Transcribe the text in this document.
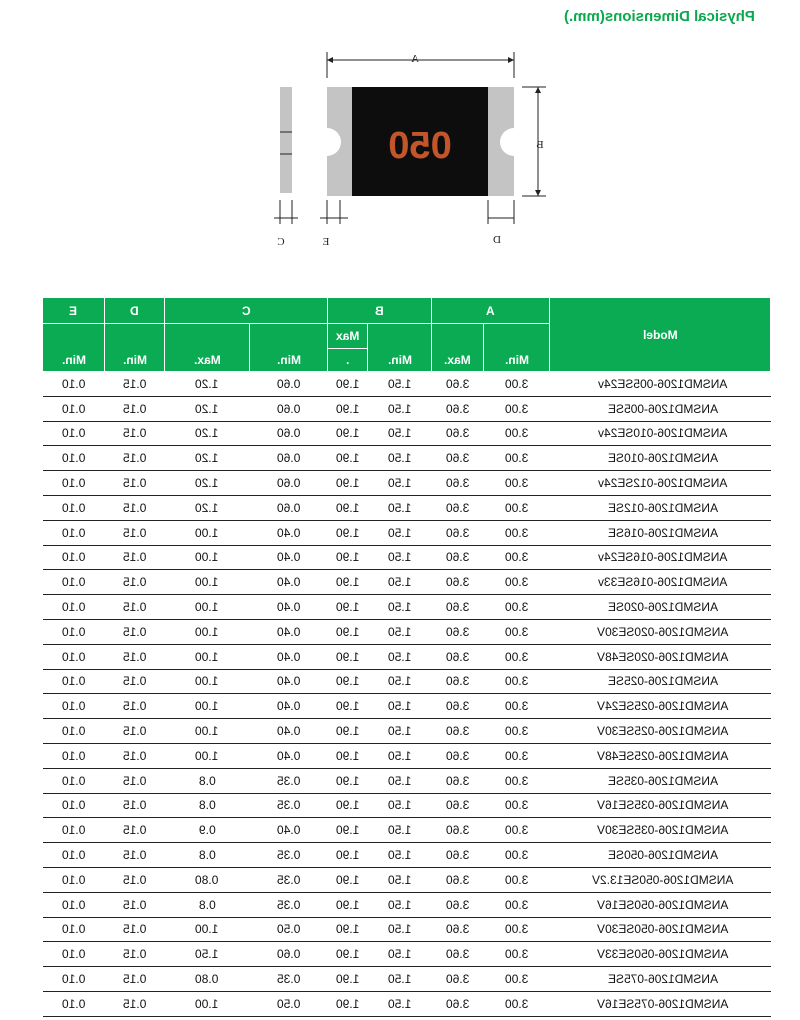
Physical Dimensions(mm.)
050
A
B
C	E	D
E	D	C		B		A		Model
Min.	Min.	Max.	Min.	Max	Min.	Max.	Min.	
				.				
0.10	0.15	1.20	0.60	1.90	1.50	3.60	3.00	ANSMD1206-005SE24v
0.10	0.15	1.20	0.60	1.90	1.50	3.60	3.00	ANSMD1206-005SE
0.10	0.15	1.20	0.60	1.90	1.50	3.60	3.00	ANSMD1206-010SE24v
0.10	0.15	1.20	0.60	1.90	1.50	3.60	3.00	ANSMD1206-010SE
0.10	0.15	1.20	0.60	1.90	1.50	3.60	3.00	ANSMD1206-012SE24v
0.10	0.15	1.20	0.60	1.90	1.50	3.60	3.00	ANSMD1206-012SE
0.10	0.15	1.00	0.40	1.90	1.50	3.60	3.00	ANSMD1206-016SE
0.10	0.15	1.00	0.40	1.90	1.50	3.60	3.00	ANSMD1206-016SE24v
0.10	0.15	1.00	0.40	1.90	1.50	3.60	3.00	ANSMD1206-016SE33v
0.10	0.15	1.00	0.40	1.90	1.50	3.60	3.00	ANSMD1206-020SE
0.10	0.15	1.00	0.40	1.90	1.50	3.60	3.00	ANSMD1206-020SE30V
0.10	0.15	1.00	0.40	1.90	1.50	3.60	3.00	ANSMD1206-020SE48V
0.10	0.15	1.00	0.40	1.90	1.50	3.60	3.00	ANSMD1206-025SE
0.10	0.15	1.00	0.40	1.90	1.50	3.60	3.00	ANSMD1206-025SE24V
0.10	0.15	1.00	0.40	1.90	1.50	3.60	3.00	ANSMD1206-025SE30V
0.10	0.15	1.00	0.40	1.90	1.50	3.60	3.00	ANSMD1206-025SE48V
0.10	0.15	0.8	0.35	1.90	1.50	3.60	3.00	ANSMD1206-035SE
0.10	0.15	0.8	0.35	1.90	1.50	3.60	3.00	ANSMD1206-035SE16V
0.10	0.15	0.9	0.40	1.90	1.50	3.60	3.00	ANSMD1206-035SE30V
0.10	0.15	0.8	0.35	1.90	1.50	3.60	3.00	ANSMD1206-050SE
0.10	0.15	0.80	0.35	1.90	1.50	3.60	3.00	ANSMD1206-050SE13.2V
0.10	0.15	0.8	0.35	1.90	1.50	3.60	3.00	ANSMD1206-050SE16V
0.10	0.15	1.00	0.50	1.90	1.50	3.60	3.00	ANSMD1206-050SE30V
0.10	0.15	1.50	0.60	1.90	1.50	3.60	3.00	ANSMD1206-050SE33V
0.10	0.15	0.80	0.35	1.90	1.50	3.60	3.00	ANSMD1206-075SE
0.10	0.15	1.00	0.50	1.90	1.50	3.60	3.00	ANSMD1206-075SE16V
